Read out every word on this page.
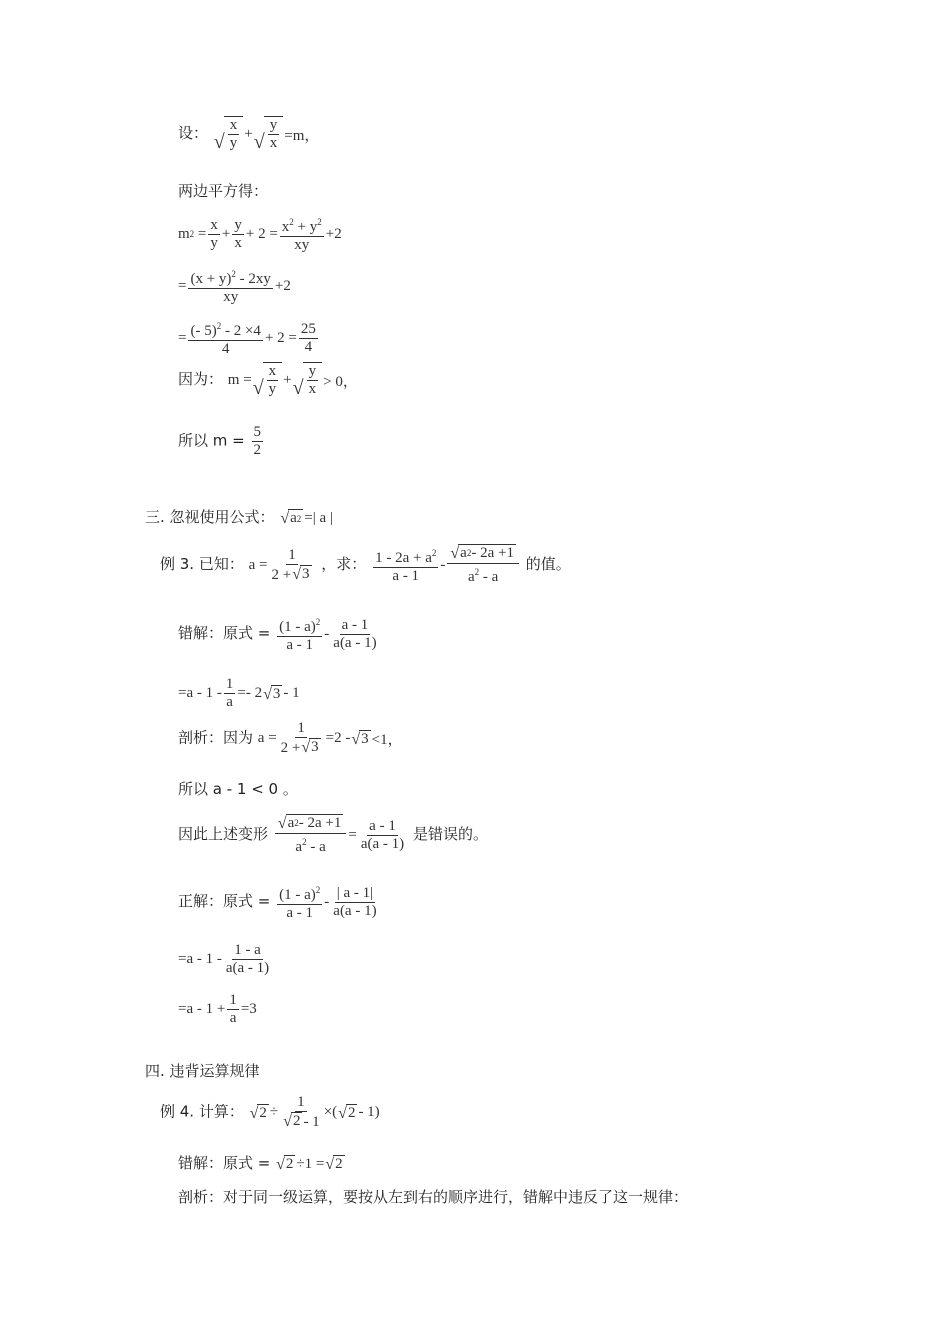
设： √ $\frac{x}{y}$ + √ $\frac{y}{x} =m$，
两边平方得：
m $2 = \frac{x}{y} + \frac{y}{x} + 2 = \frac{x^2 + y^2}{xy} +2$
= $\frac{(x + y)^2 - 2xy}{xy} +2$
= $\frac{(- 5)^2 - 2 \times 4}{4} + 2 = \frac{25}{4}$
因为： m = √ $\frac{x}{y}$ + √ $\frac{y}{x} > 0$，
所以 $m = \frac{5}{2}$
三. 忽视使用公式： √ a 2 =| a |
例 3. 已知： $a = \frac{1}{2 + √ 3}$ ，求： $\frac{1 - 2a + a^2}{a - 1} - \frac{√ a 2 - 2a +1}{a^2 - a}$ 的值。
错解：原式 = $\frac{(1 - a)^2}{a - 1} - \frac{a - 1}{a(a - 1)}$
$=a - 1 - \frac{1}{a} =- 2$ √ 3 - 1
剖析：因为 $a = \frac{1}{2 + √ 3} =2$ - √ 3 <1，
所以 a - 1 < 0 。
因此上述变形 $\frac{√ a 2 - 2a +1}{a^2 - a} = \frac{a - 1}{a(a - 1)}$ 是错误的。
正解：原式 = $\frac{(1 - a)^2}{a - 1} - \frac{| a - 1|}{a(a - 1)}$
$=a - 1 - \frac{1 - a}{a(a - 1)}$
$=a - 1 + \frac{1}{a} =3$
四. 违背运算规律
例 4. 计算： √ $2 \div \frac{1}{√ 2 - 1}$ ×( √ 2 - 1)
错解：原式 = √ 2 ÷1 = √ 2
剖析：对于同一级运算，要按从左到右的顺序进行，错解中违反了这一规律：
